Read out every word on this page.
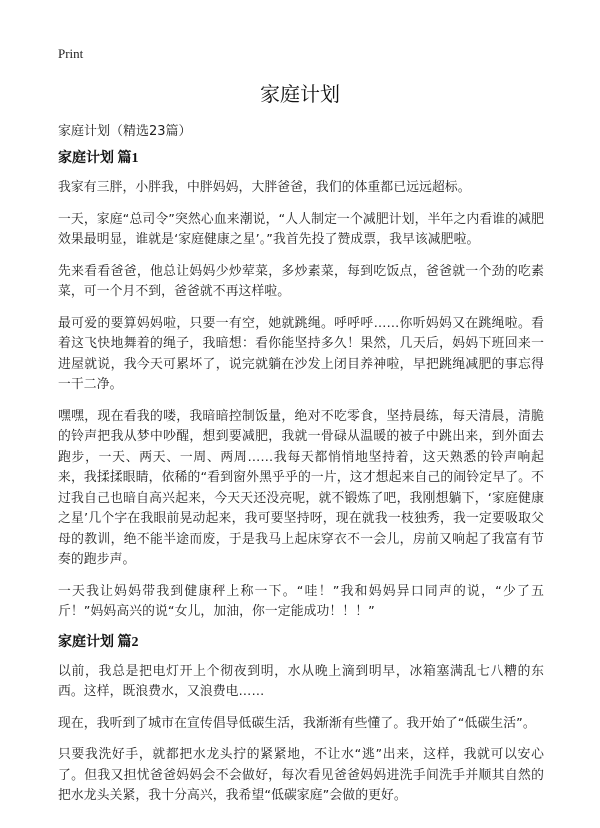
Print
家庭计划
家庭计划（精选23篇）
家庭计划 篇1

我家有三胖，小胖我，中胖妈妈，大胖爸爸，我们的体重都已远远超标。

一天，家庭“总司令”突然心血来潮说，“人人制定一个减肥计划，半年之内看谁的减肥效果最明显，谁就是‘家庭健康之星’。”我首先投了赞成票，我早该减肥啦。

先来看看爸爸，他总让妈妈少炒荤菜，多炒素菜，每到吃饭点，爸爸就一个劲的吃素菜，可一个月不到，爸爸就不再这样啦。

最可爱的要算妈妈啦，只要一有空，她就跳绳。呼呼呼……你听妈妈又在跳绳啦。看着这飞快地舞着的绳子，我暗想：看你能坚持多久！果然，几天后，妈妈下班回来一进屋就说，我今天可累坏了，说完就躺在沙发上闭目养神啦，早把跳绳减肥的事忘得一干二净。

嘿嘿，现在看我的喽，我暗暗控制饭量，绝对不吃零食，坚持晨练，每天清晨，清脆的铃声把我从梦中吵醒，想到要减肥，我就一骨碌从温暖的被子中跳出来，到外面去跑步，一天、两天、一周、两周……我每天都悄悄地坚持着，这天熟悉的铃声响起来，我揉揉眼睛，依稀的“看到窗外黑乎乎的一片，这才想起来自己的闹铃定早了。不过我自己也暗自高兴起来，今天天还没亮呢，就不锻炼了吧，我刚想躺下，‘家庭健康之星’几个字在我眼前晃动起来，我可要坚持呀，现在就我一枝独秀，我一定要吸取父母的教训，绝不能半途而废，于是我马上起床穿衣不一会儿，房前又响起了我富有节奏的跑步声。

一天我让妈妈带我到健康秤上称一下。“哇！”我和妈妈异口同声的说，“少了五斤！”妈妈高兴的说“女儿，加油，你一定能成功！！！”

家庭计划 篇2

以前，我总是把电灯开上个彻夜到明，水从晚上滴到明早，冰箱塞满乱七八糟的东西。这样，既浪费水，又浪费电……

现在，我听到了城市在宣传倡导低碳生活，我渐渐有些懂了。我开始了“低碳生活”。

只要我洗好手，就都把水龙头拧的紧紧地，不让水“逃”出来，这样，我就可以安心了。但我又担忧爸爸妈妈会不会做好，每次看见爸爸妈妈进洗手间洗手并顺其自然的把水龙头关紧，我十分高兴，我希望“低碳家庭”会做的更好。
